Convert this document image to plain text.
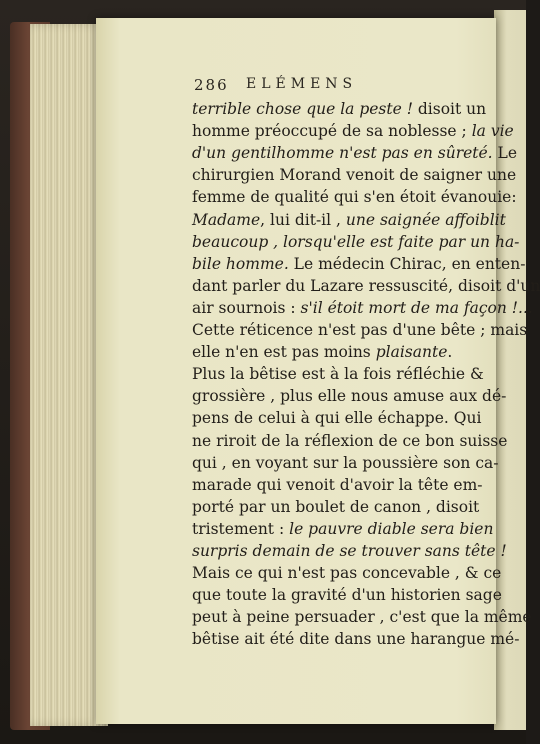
286 ELÉMENS
terrible chose que la peste ! disoit un
homme préoccupé de sa noblesse ; la vie
d'un gentilhomme n'est pas en sûreté. Le
chirurgien Morand venoit de saigner une
femme de qualité qui s'en étoit évanouie:
Madame, lui dit-il , une saignée affoiblit
beaucoup , lorsqu'elle est faite par un ha-
bile homme. Le médecin Chirac, en enten-
dant parler du Lazare ressuscité, disoit d'un
air sournois : s'il étoit mort de ma façon !...
Cette réticence n'est pas d'une bête ; mais
elle n'en est pas moins plaisante.
Plus la bêtise est à la fois réfléchie &
grossière , plus elle nous amuse aux dé-
pens de celui à qui elle échappe. Qui
ne riroit de la réflexion de ce bon suisse
qui , en voyant sur la poussière son ca-
marade qui venoit d'avoir la tête em-
porté par un boulet de canon , disoit
tristement : le pauvre diable sera bien
surpris demain de se trouver sans tête !
Mais ce qui n'est pas concevable , & ce
que toute la gravité d'un historien sage
peut à peine persuader , c'est que la même
bêtise ait été dite dans une harangue mé-
